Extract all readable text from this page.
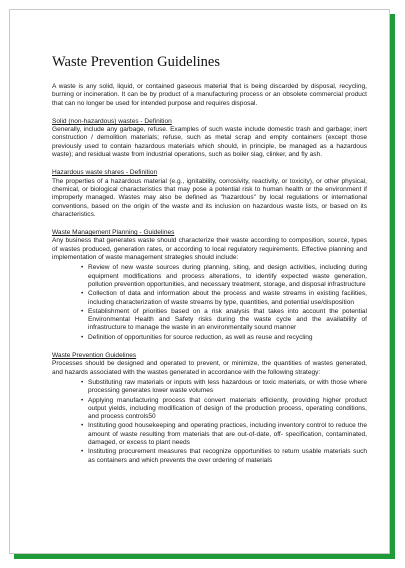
Waste Prevention Guidelines

A waste is any solid, liquid, or contained gaseous material that is being discarded by disposal, recycling, burning or incineration. It can be by product of a manufacturing process or an obsolete commercial product that can no longer be used for intended purpose and requires disposal.

Solid (non-hazardous) wastes - Definition

Generally, include any garbage, refuse. Examples of such waste include domestic trash and garbage; inert construction / demolition materials; refuse, such as metal scrap and empty containers (except those previously used to contain hazardous materials which should, in principle, be managed as a hazardous waste); and residual waste from industrial operations, such as boiler slag, clinker, and fly ash.

Hazardous waste shares - Definition

The properties of a hazardous material (e.g., ignitability, corrosivity, reactivity, or toxicity), or other physical, chemical, or biological characteristics that may pose a potential risk to human health or the environment if improperly managed. Wastes may also be defined as "hazardous" by local regulations or international conventions, based on the origin of the waste and its inclusion on hazardous waste lists, or based on its characteristics.

Waste Management Planning - Guidelines

Any business that generates waste should characterize their waste according to composition, source, types of wastes produced, generation rates, or according to local regulatory requirements. Effective planning and implementation of waste management strategies should include:

• Review of new waste sources during planning, siting, and design activities, including during equipment modifications and process alterations, to identify expected waste generation, pollution prevention opportunities, and necessary treatment, storage, and disposal infrastructure
• Collection of data and information about the process and waste streams in existing facilities, including characterization of waste streams by type, quantities, and potential use/disposition
• Establishment of priorities based on a risk analysis that takes into account the potential Environmental Health and Safety risks during the waste cycle and the availability of infrastructure to manage the waste in an environmentally sound manner
• Definition of opportunities for source reduction, as well as reuse and recycling
Waste Prevention Guidelines

Processes should be designed and operated to prevent, or minimize, the quantities of wastes generated, and hazards associated with the wastes generated in accordance with the following strategy:

• Substituting raw materials or inputs with less hazardous or toxic materials, or with those where processing generates lower waste volumes
• Applying manufacturing process that convert materials efficiently, providing higher product output yields, including modification of design of the production process, operating conditions, and process controls50
• Instituting good housekeeping and operating practices, including inventory control to reduce the amount of waste resulting from materials that are out-of-date, off- specification, contaminated, damaged, or excess to plant needs
• Instituting procurement measures that recognize opportunities to return usable materials such as containers and which prevents the over ordering of materials
